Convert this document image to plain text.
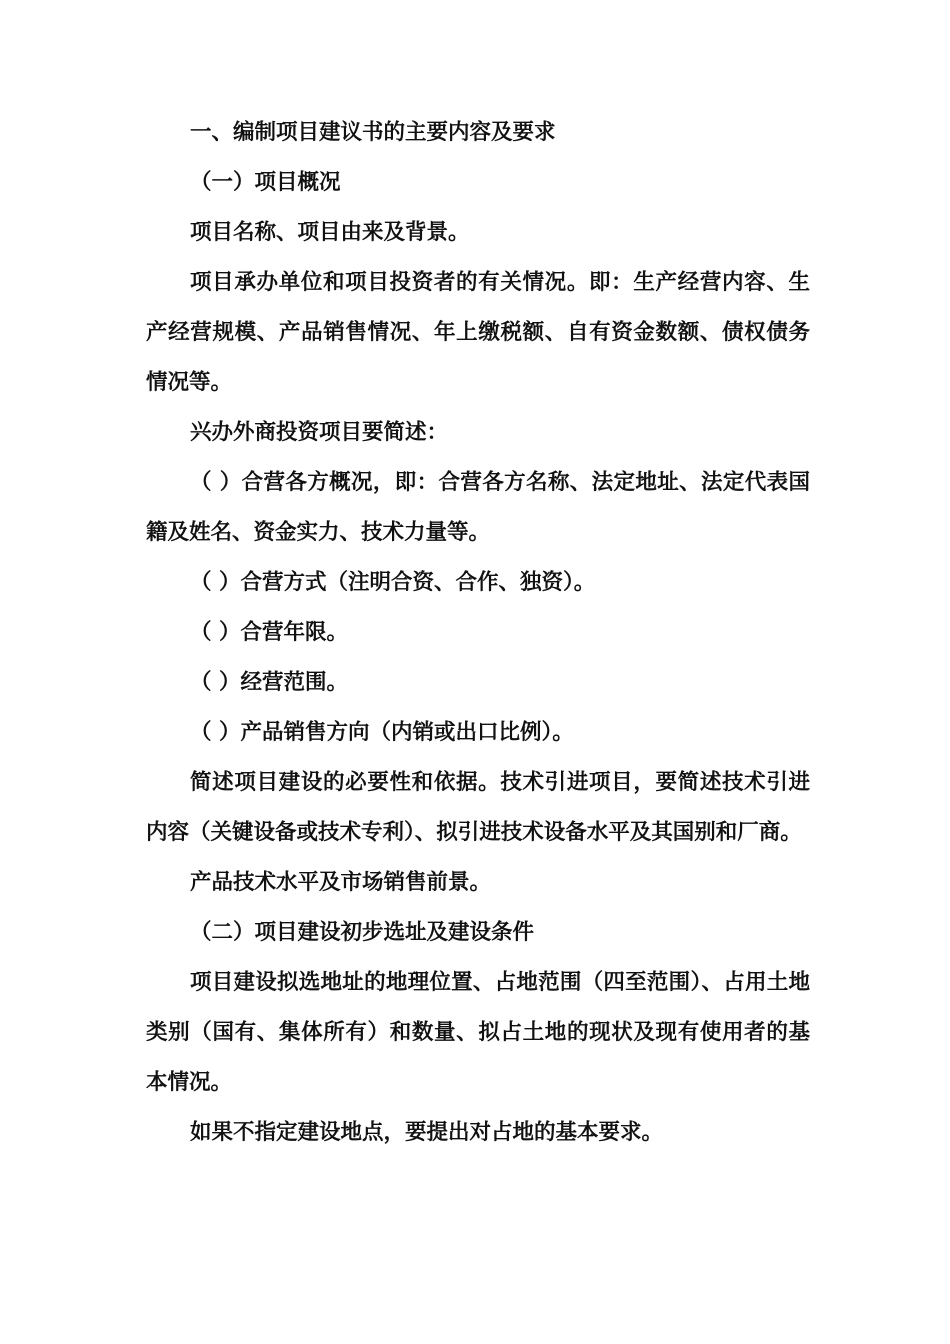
一、编制项目建议书的主要内容及要求

（一）项目概况

项目名称、项目由来及背景。

项目承办单位和项目投资者的有关情况。即：生产经营内容、生产经营规模、产品销售情况、年上缴税额、自有资金数额、债权债务情况等。

兴办外商投资项目要简述：

（ ）合营各方概况，即：合营各方名称、法定地址、法定代表国籍及姓名、资金实力、技术力量等。

（ ）合营方式（注明合资、合作、独资）。

（ ）合营年限。

（ ）经营范围。

（ ）产品销售方向（内销或出口比例）。

简述项目建设的必要性和依据。技术引进项目，要简述技术引进内容（关键设备或技术专利）、拟引进技术设备水平及其国别和厂商。

产品技术水平及市场销售前景。

（二）项目建设初步选址及建设条件

项目建设拟选地址的地理位置、占地范围（四至范围）、占用土地类别（国有、集体所有）和数量、拟占土地的现状及现有使用者的基本情况。

如果不指定建设地点，要提出对占地的基本要求。
